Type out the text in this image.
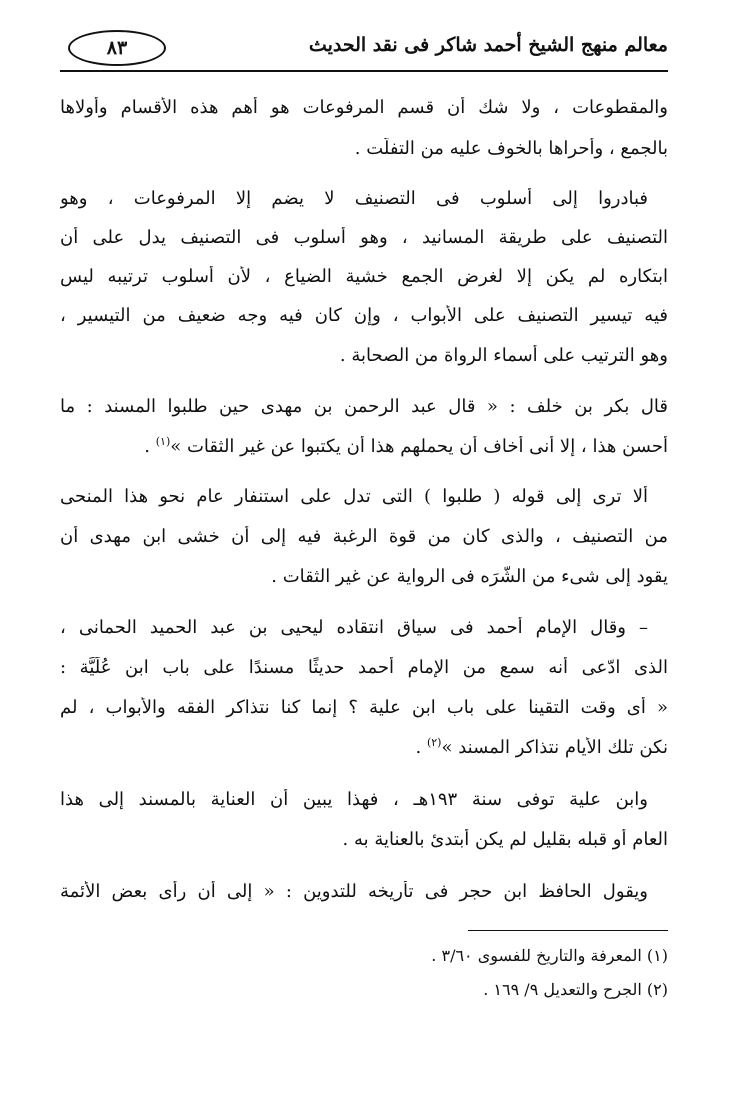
معالم منهج الشيخ أحمد شاكر فى نقد الحديث
٨٣
والمقطوعات ، ولا شك أن قسم المرفوعات هو أهم هذه الأقسام وأولاها
بالجمع ، وأحراها بالخوف عليه من التفلّت .
فبادروا إلى أسلوب فى التصنيف لا يضم إلا المرفوعات ، وهو
التصنيف على طريقة المسانيد ، وهو أسلوب فى التصنيف يدل على أن
ابتكاره لم يكن إلا لغرض الجمع خشية الضياع ، لأن أسلوب ترتيبه ليس
فيه تيسير التصنيف على الأبواب ، وإن كان فيه وجه ضعيف من التيسير ،
وهو الترتيب على أسماء الرواة من الصحابة .
قال بكر بن خلف : « قال عبد الرحمن بن مهدى حين طلبوا المسند : ما
أحسن هذا ، إلا أنى أخاف أن يحملهم هذا أن يكتبوا عن غير الثقات »$^{(١)}$ .
ألا ترى إلى قوله ( طلبوا ) التى تدل على استنفار عام نحو هذا المنحى
من التصنيف ، والذى كان من قوة الرغبة فيه إلى أن خشى ابن مهدى أن
يقود إلى شىء من الشَّرَه فى الرواية عن غير الثقات .
– وقال الإمام أحمد فى سياق انتقاده ليحيى بن عبد الحميد الحمانى ،
الذى ادّعى أنه سمع من الإمام أحمد حديثًا مسندًا على باب ابن عُلَيَّة :
« أى وقت التقينا على باب ابن علية ؟ إنما كنا نتذاكر الفقه والأبواب ، لم
نكن تلك الأيام نتذاكر المسند »$^{(٢)}$ .
وابن علية توفى سنة ١٩٣هـ ، فهذا يبين أن العناية بالمسند إلى هذا
العام أو قبله بقليل لم يكن أُبتدئ بالعناية به .
ويقول الحافظ ابن حجر فى تأريخه للتدوين : « إلى أن رأى بعض الأئمة
(١) المعرفة والتاريخ للفسوى ٣/٦٠ .
(٢) الجرح والتعديل ٩/ ١٦٩ .
